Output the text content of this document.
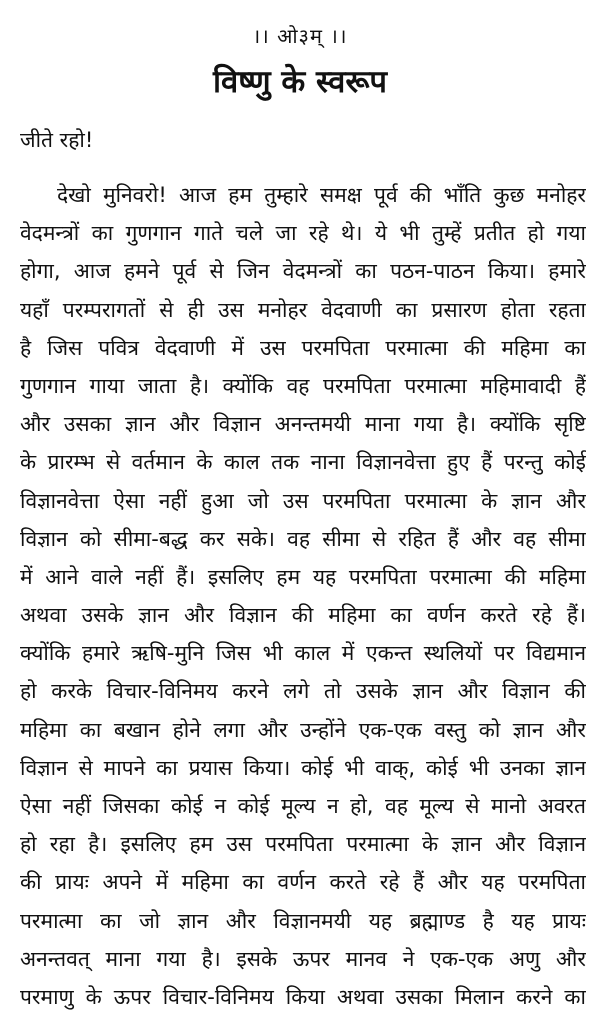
।। ओ३म् ।।
विष्णु के स्वरूप
जीते रहो!
देखो मुनिवरो! आज हम तुम्हारे समक्ष पूर्व की भाँति कुछ मनोहर
वेदमन्त्रों का गुणगान गाते चले जा रहे थे। ये भी तुम्हें प्रतीत हो गया
होगा, आज हमने पूर्व से जिन वेदमन्त्रों का पठन-पाठन किया। हमारे
यहाँ परम्परागतों से ही उस मनोहर वेदवाणी का प्रसारण होता रहता
है जिस पवित्र वेदवाणी में उस परमपिता परमात्मा की महिमा का
गुणगान गाया जाता है। क्योंकि वह परमपिता परमात्मा महिमावादी हैं
और उसका ज्ञान और विज्ञान अनन्तमयी माना गया है। क्योंकि सृष्टि
के प्रारम्भ से वर्तमान के काल तक नाना विज्ञानवेत्ता हुए हैं परन्तु कोई
विज्ञानवेत्ता ऐसा नहीं हुआ जो उस परमपिता परमात्मा के ज्ञान और
विज्ञान को सीमा-बद्ध कर सके। वह सीमा से रहित हैं और वह सीमा
में आने वाले नहीं हैं। इसलिए हम यह परमपिता परमात्मा की महिमा
अथवा उसके ज्ञान और विज्ञान की महिमा का वर्णन करते रहे हैं।
क्योंकि हमारे ऋषि-मुनि जिस भी काल में एकन्त स्थलियों पर विद्यमान
हो करके विचार-विनिमय करने लगे तो उसके ज्ञान और विज्ञान की
महिमा का बखान होने लगा और उन्होंने एक-एक वस्तु को ज्ञान और
विज्ञान से मापने का प्रयास किया। कोई भी वाक्, कोई भी उनका ज्ञान
ऐसा नहीं जिसका कोई न कोई मूल्य न हो, वह मूल्य से मानो अवरत
हो रहा है। इसलिए हम उस परमपिता परमात्मा के ज्ञान और विज्ञान
की प्रायः अपने में महिमा का वर्णन करते रहे हैं और यह परमपिता
परमात्मा का जो ज्ञान और विज्ञानमयी यह ब्रह्माण्ड है यह प्रायः
अनन्तवत् माना गया है। इसके ऊपर मानव ने एक-एक अणु और
परमाणु के ऊपर विचार-विनिमय किया अथवा उसका मिलान करने का
